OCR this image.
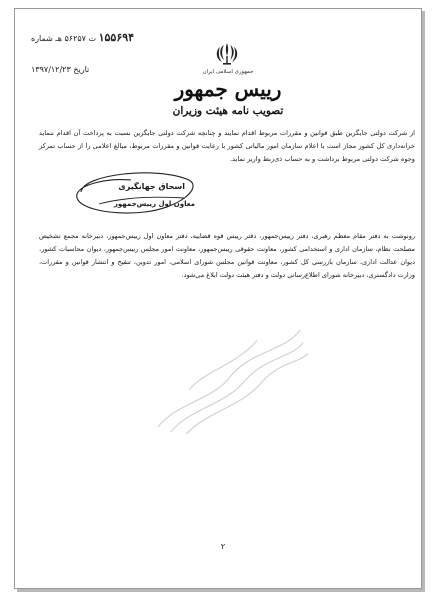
۱۵۵۶۹۴ ت ۵۶۲۵۷ هـ شماره
تاریخ ۱۳۹۷/۱۲/۲۳	جمهوری اسلامی ایران
رییس جمهور
تصویب نامه هیئت وزیران
از شرکت دولتی جایگزین طبق قوانین و مقررات مربوط اقدام نمایند و چنانچه شرکت دولتی جایگزین نسبت به پرداخت آن اقدام ننماید خزانه‌داری کل کشور مجاز است با اعلام سازمان امور مالیاتی کشور با رعایت قوانین و مقررات مربوط، مبالغ اعلامی را از حساب تمرکز وجوه شرکت دولتی مربوط برداشت و به حساب ذی‌ربط واریز نماید.
اسحاق جهانگیری
معاون اول رییس‌جمهور
رونوشت به دفتر مقام معظم رهبری، دفتر رییس‌جمهور، دفتر رییس قوه قضاییه، دفتر معاون اول رییس‌جمهور، دبیرخانه مجمع تشخیص مصلحت نظام، سازمان اداری و استخدامی کشور، معاونت حقوقی رییس‌جمهور، معاونت امور مجلس رییس‌جمهور، دیوان محاسبات کشور، دیوان عدالت اداری، سازمان بازرسی کل کشور، معاونت قوانین مجلس شورای اسلامی، امور تدوین، تنقیح و انتشار قوانین و مقررات، وزارت دادگستری، دبیرخانه شورای اطلاع‌رسانی دولت و دفتر هیئت دولت ابلاغ می‌شود.
۲
